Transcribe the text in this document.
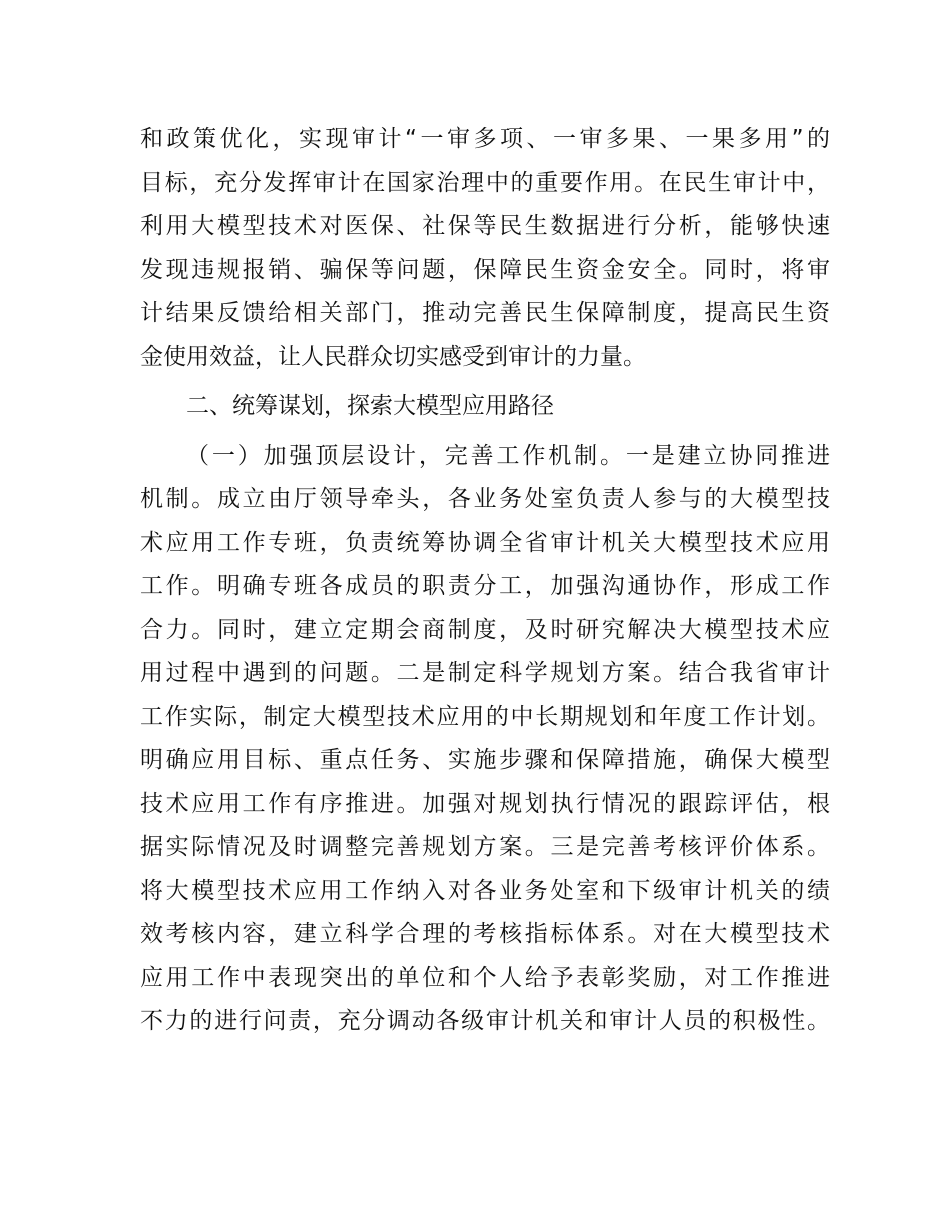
和政策优化，实现审计“一审多项、一审多果、一果多用”的
目标，充分发挥审计在国家治理中的重要作用。在民生审计中，
利用大模型技术对医保、社保等民生数据进行分析，能够快速
发现违规报销、骗保等问题，保障民生资金安全。同时，将审
计结果反馈给相关部门，推动完善民生保障制度，提高民生资
金使用效益，让人民群众切实感受到审计的力量。
二、统筹谋划，探索大模型应用路径
（一）加强顶层设计，完善工作机制。一是建立协同推进
机制。成立由厅领导牵头，各业务处室负责人参与的大模型技
术应用工作专班，负责统筹协调全省审计机关大模型技术应用
工作。明确专班各成员的职责分工，加强沟通协作，形成工作
合力。同时，建立定期会商制度，及时研究解决大模型技术应
用过程中遇到的问题。二是制定科学规划方案。结合我省审计
工作实际，制定大模型技术应用的中长期规划和年度工作计划。
明确应用目标、重点任务、实施步骤和保障措施，确保大模型
技术应用工作有序推进。加强对规划执行情况的跟踪评估，根
据实际情况及时调整完善规划方案。三是完善考核评价体系。
将大模型技术应用工作纳入对各业务处室和下级审计机关的绩
效考核内容，建立科学合理的考核指标体系。对在大模型技术
应用工作中表现突出的单位和个人给予表彰奖励，对工作推进
不力的进行问责，充分调动各级审计机关和审计人员的积极性。
